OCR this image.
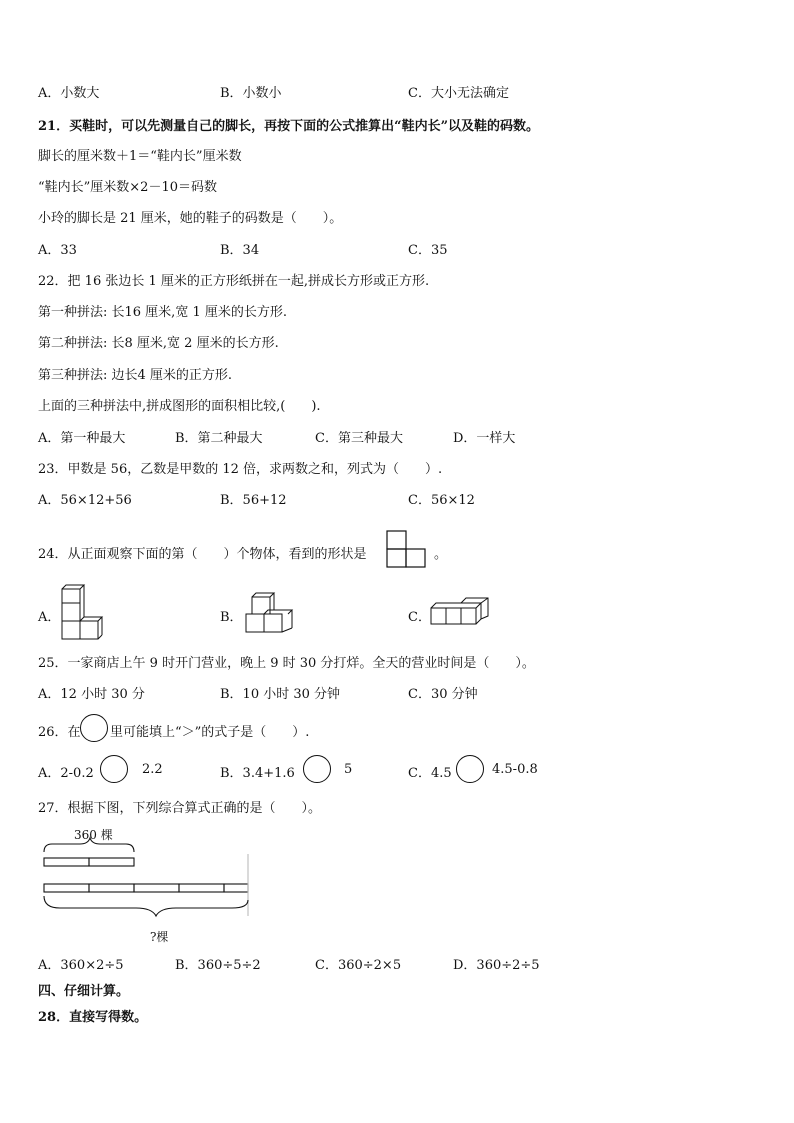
A．小数大	B．小数小	C．大小无法确定
21．买鞋时，可以先测量自己的脚长，再按下面的公式推算出“鞋内长”以及鞋的码数。
脚长的厘米数＋1＝“鞋内长”厘米数
“鞋内长”厘米数×2－10＝码数
小玲的脚长是 21 厘米，她的鞋子的码数是（　　）。
A．33	B．34	C．35
22．把 16 张边长 1 厘米的正方形纸拼在一起,拼成长方形或正方形.
第一种拼法: 长16 厘米,宽 1 厘米的长方形.
第二种拼法: 长8 厘米,宽 2 厘米的长方形.
第三种拼法: 边长4 厘米的正方形.
上面的三种拼法中,拼成图形的面积相比较,(　　).
A．第一种最大	B．第二种最大	C．第三种最大	D．一样大
23．甲数是 56，乙数是甲数的 12 倍，求两数之和，列式为（　　）.
A．56×12+56	B．56+12	C．56×12
24．从正面观察下面的第（　　）个物体，看到的形状是	。
A．	B．	C．
25．一家商店上午 9 时开门营业，晚上 9 时 30 分打烊。全天的营业时间是（　　）。
A．12 小时 30 分	B．10 小时 30 分钟	C．30 分钟
26．在 里可能填上“＞”的式子是（　　）.
A．2-0.2	2.2	B．3.4+1.6	5	C．4.5	4.5-0.8
27．根据下图，下列综合算式正确的是（　　）。
360 棵
?棵
A．360×2÷5	B．360÷5÷2	C．360÷2×5	D．360÷2÷5
四、仔细计算。
28．直接写得数。
